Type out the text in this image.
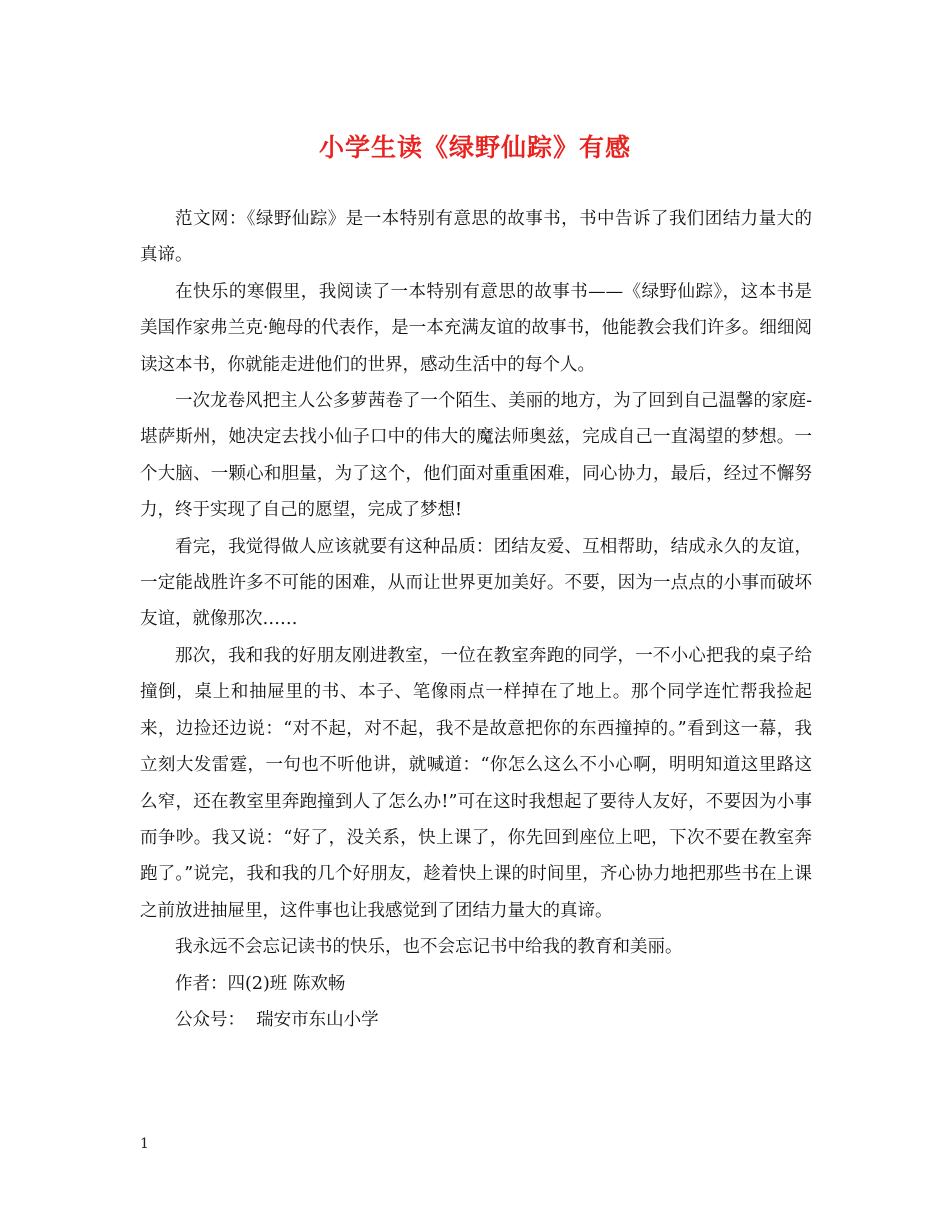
小学生读《绿野仙踪》有感

范文网：《绿野仙踪》是一本特别有意思的故事书，书中告诉了我们团结力量大的真谛。

在快乐的寒假里，我阅读了一本特别有意思的故事书——《绿野仙踪》，这本书是美国作家弗兰克·鲍母的代表作，是一本充满友谊的故事书，他能教会我们许多。细细阅读这本书，你就能走进他们的世界，感动生活中的每个人。

一次龙卷风把主人公多萝茜卷了一个陌生、美丽的地方，为了回到自己温馨的家庭-堪萨斯州，她决定去找小仙子口中的伟大的魔法师奥兹，完成自己一直渴望的梦想。一个大脑、一颗心和胆量，为了这个，他们面对重重困难，同心协力，最后，经过不懈努力，终于实现了自己的愿望，完成了梦想!

看完，我觉得做人应该就要有这种品质：团结友爱、互相帮助，结成永久的友谊，一定能战胜许多不可能的困难，从而让世界更加美好。不要，因为一点点的小事而破坏友谊，就像那次……

那次，我和我的好朋友刚进教室，一位在教室奔跑的同学，一不小心把我的桌子给撞倒，桌上和抽屉里的书、本子、笔像雨点一样掉在了地上。那个同学连忙帮我捡起来，边捡还边说：“对不起，对不起，我不是故意把你的东西撞掉的。”看到这一幕，我立刻大发雷霆，一句也不听他讲，就喊道：“你怎么这么不小心啊，明明知道这里路这么窄，还在教室里奔跑撞到人了怎么办!”可在这时我想起了要待人友好，不要因为小事而争吵。我又说：“好了，没关系，快上课了，你先回到座位上吧，下次不要在教室奔跑了。”说完，我和我的几个好朋友，趁着快上课的时间里，齐心协力地把那些书在上课之前放进抽屉里，这件事也让我感觉到了团结力量大的真谛。

我永远不会忘记读书的快乐，也不会忘记书中给我的教育和美丽。

作者：四(2)班 陈欢畅

公众号：  瑞安市东山小学

1
